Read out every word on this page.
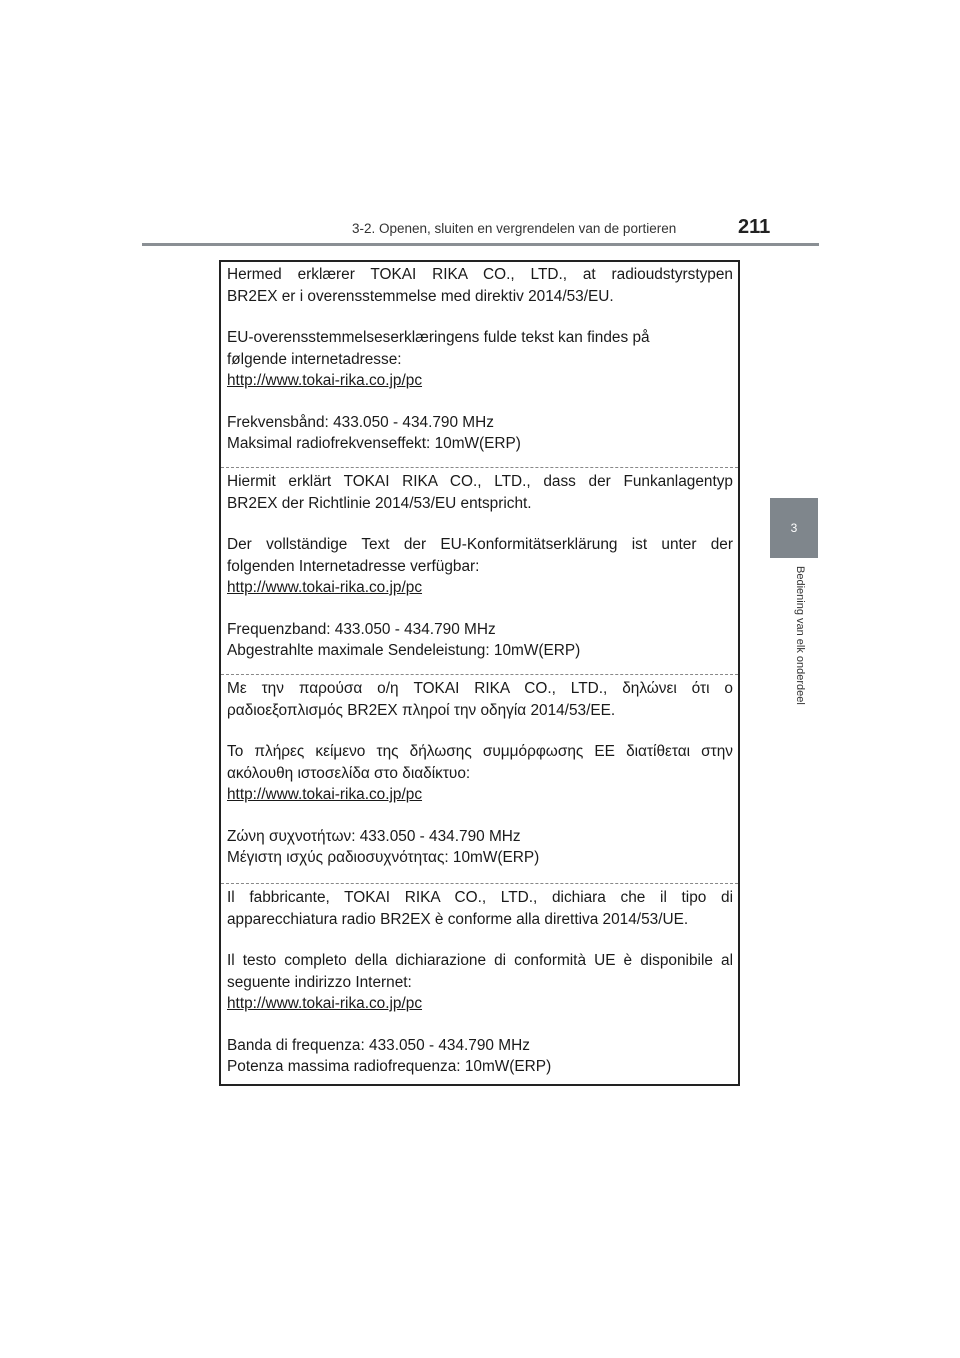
3-2. Openen, sluiten en vergrendelen van de portieren	211
3
Bediening van elk onderdeel

Hermed erklærer TOKAI RIKA CO., LTD., at radioudstyrstypen

BR2EX er i overensstemmelse med direktiv 2014/53/EU.

EU-overensstemmelseserklæringens fulde tekst kan findes på

følgende internetadresse:

http://www.tokai-rika.co.jp/pc

Frekvensbånd: 433.050 - 434.790 MHz

Maksimal radiofrekvenseffekt: 10mW(ERP)

Hiermit erklärt TOKAI RIKA CO., LTD., dass der Funkanlagentyp

BR2EX der Richtlinie 2014/53/EU entspricht.

Der vollständige Text der EU-Konformitätserklärung ist unter der

folgenden Internetadresse verfügbar:

http://www.tokai-rika.co.jp/pc

Frequenzband: 433.050 - 434.790 MHz

Abgestrahlte maximale Sendeleistung: 10mW(ERP)

Με την παρούσα ο/η TOKAI RIKA CO., LTD., δηλώνει ότι ο

ραδιοεξοπλισμός BR2EX πληροί την οδηγία 2014/53/ΕΕ.

Το πλήρες κείμενο της δήλωσης συμμόρφωσης ΕΕ διατίθεται στην

ακόλουθη ιστοσελίδα στο διαδίκτυο:

http://www.tokai-rika.co.jp/pc

Ζώνη συχνοτήτων: 433.050 - 434.790 MHz

Μέγιστη ισχύς ραδιοσυχνότητας: 10mW(ERP)

Il fabbricante, TOKAI RIKA CO., LTD., dichiara che il tipo di

apparecchiatura radio BR2EX è conforme alla direttiva 2014/53/UE.

Il testo completo della dichiarazione di conformità UE è disponibile al

seguente indirizzo Internet:

http://www.tokai-rika.co.jp/pc

Banda di frequenza: 433.050 - 434.790 MHz

Potenza massima radiofrequenza: 10mW(ERP)
